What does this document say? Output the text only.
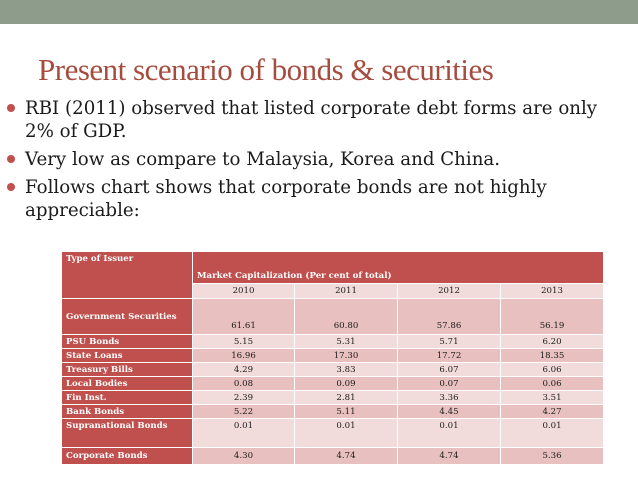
Present scenario of bonds & securities
RBI (2011) observed that listed corporate debt forms are only 2% of GDP.
Very low as compare to Malaysia, Korea and China.
Follows chart shows that corporate bonds are not highly appreciable:
Type of Issuer	Market Capitalization (Per cent of total)			
	2010	2011	2012	2013
Government Securities	61.61	60.80	57.86	56.19
PSU Bonds	5.15	5.31	5.71	6.20
State Loans	16.96	17.30	17.72	18.35
Treasury Bills	4.29	3.83	6.07	6.06
Local Bodies	0.08	0.09	0.07	0.06
Fin Inst.	2.39	2.81	3.36	3.51
Bank Bonds	5.22	5.11	4.45	4.27
Supranational Bonds	0.01	0.01	0.01	0.01
Corporate Bonds	4.30	4.74	4.74	5.36
